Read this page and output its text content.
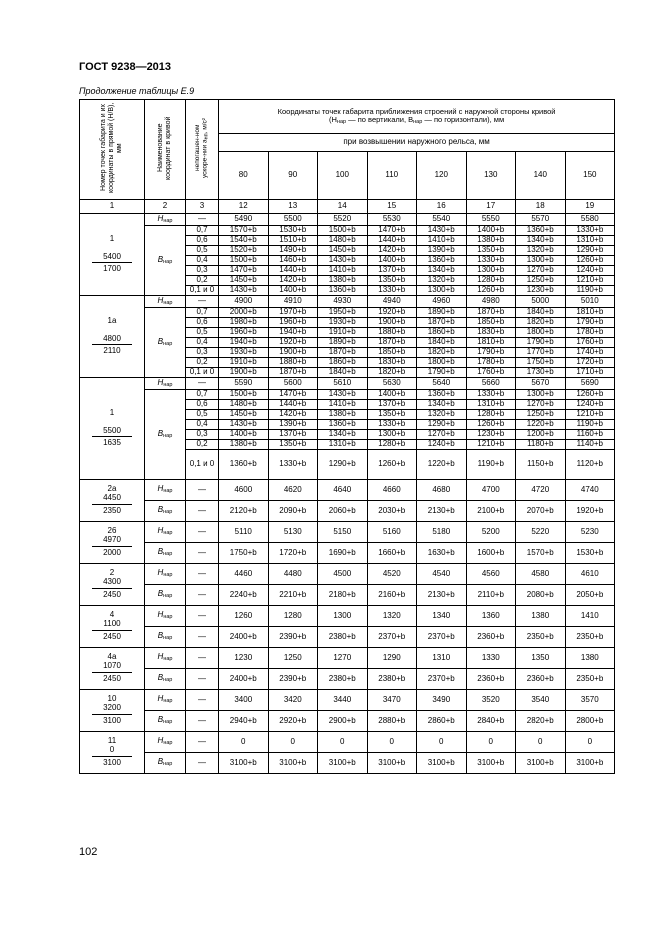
ГОСТ 9238—2013
Продолжение таблицы Е.9
Номер точек габарита и их координаты в прямой (H/B), мм	Наименование координат в кривой	непогашен-ном ускоре-нии $a_{нп}$, м/с²	Координаты точек габарита приближения строений с наружной стороны кривой
($H_{нар}$ — по вертикали, $B_{нар}$ — по горизонтали), мм							
			при возвышении наружного рельса, мм							
			80	90	100	110	120	130	140	150
1	2	3	12	13	14	15	16	17	18	19

1

5400
1700	$H_{нар}$	—	5490	5500	5520	5530	5540	5550	5570	5580
	$B_{нар}$	0,7	1570+b	1530+b	1500+b	1470+b	1430+b	1400+b	1360+b	1330+b
		0,6	1540+b	1510+b	1480+b	1440+b	1410+b	1380+b	1340+b	1310+b
		0,5	1520+b	1490+b	1450+b	1420+b	1390+b	1350+b	1320+b	1290+b
		0,4	1500+b	1460+b	1430+b	1400+b	1360+b	1330+b	1300+b	1260+b
		0,3	1470+b	1440+b	1410+b	1370+b	1340+b	1300+b	1270+b	1240+b
		0,2	1450+b	1420+b	1380+b	1350+b	1320+b	1280+b	1250+b	1210+b
		0,1 и 0	1430+b	1400+b	1360+b	1330+b	1300+b	1260+b	1230+b	1190+b

1a

4800
2110	$H_{нар}$	—	4900	4910	4930	4940	4960	4980	5000	5010
	$B_{нар}$	0,7	2000+b	1970+b	1950+b	1920+b	1890+b	1870+b	1840+b	1810+b
		0,6	1980+b	1960+b	1930+b	1900+b	1870+b	1850+b	1820+b	1790+b
		0,5	1960+b	1940+b	1910+b	1880+b	1860+b	1830+b	1800+b	1780+b
		0,4	1940+b	1920+b	1890+b	1870+b	1840+b	1810+b	1790+b	1760+b
		0,3	1930+b	1900+b	1870+b	1850+b	1820+b	1790+b	1770+b	1740+b
		0,2	1910+b	1880+b	1860+b	1830+b	1800+b	1780+b	1750+b	1720+b
		0,1 и 0	1900+b	1870+b	1840+b	1820+b	1790+b	1760+b	1730+b	1710+b

1

5500
1635	$H_{нар}$	—	5590	5600	5610	5630	5640	5660	5670	5690
	$B_{нар}$	0,7	1500+b	1470+b	1430+b	1400+b	1360+b	1330+b	1300+b	1260+b
		0,6	1480+b	1440+b	1410+b	1370+b	1340+b	1310+b	1270+b	1240+b
		0,5	1450+b	1420+b	1380+b	1350+b	1320+b	1280+b	1250+b	1210+b
		0,4	1430+b	1390+b	1360+b	1330+b	1290+b	1260+b	1220+b	1190+b
		0,3	1400+b	1370+b	1340+b	1300+b	1270+b	1230+b	1200+b	1160+b
		0,2	1380+b	1350+b	1310+b	1280+b	1240+b	1210+b	1180+b	1140+b
		0,1 и 0	1360+b	1330+b	1290+b	1260+b	1220+b	1190+b	1150+b	1120+b

2a
4450
2350	$H_{нар}$	—	4600	4620	4640	4660	4680	4700	4720	4740
	$B_{нар}$	—	2120+b	2090+b	2060+b	2030+b	2130+b	2100+b	2070+b	1920+b

26
4970
2000	$H_{нар}$	—	5110	5130	5150	5160	5180	5200	5220	5230
	$B_{нар}$	—	1750+b	1720+b	1690+b	1660+b	1630+b	1600+b	1570+b	1530+b

2
4300
2450	$H_{нар}$	—	4460	4480	4500	4520	4540	4560	4580	4610
	$B_{нар}$	—	2240+b	2210+b	2180+b	2160+b	2130+b	2110+b	2080+b	2050+b

4
1100
2450	$H_{нар}$	—	1260	1280	1300	1320	1340	1360	1380	1410
	$B_{нар}$	—	2400+b	2390+b	2380+b	2370+b	2370+b	2360+b	2350+b	2350+b

4a
1070
2450	$H_{нар}$	—	1230	1250	1270	1290	1310	1330	1350	1380
	$B_{нар}$	—	2400+b	2390+b	2380+b	2380+b	2370+b	2360+b	2360+b	2350+b

10
3200
3100	$H_{нар}$	—	3400	3420	3440	3470	3490	3520	3540	3570
	$B_{нар}$	—	2940+b	2920+b	2900+b	2880+b	2860+b	2840+b	2820+b	2800+b

11
0
3100	$H_{нар}$	—	0	0	0	0	0	0	0	0
	$B_{нар}$	—	3100+b	3100+b	3100+b	3100+b	3100+b	3100+b	3100+b	3100+b
102
